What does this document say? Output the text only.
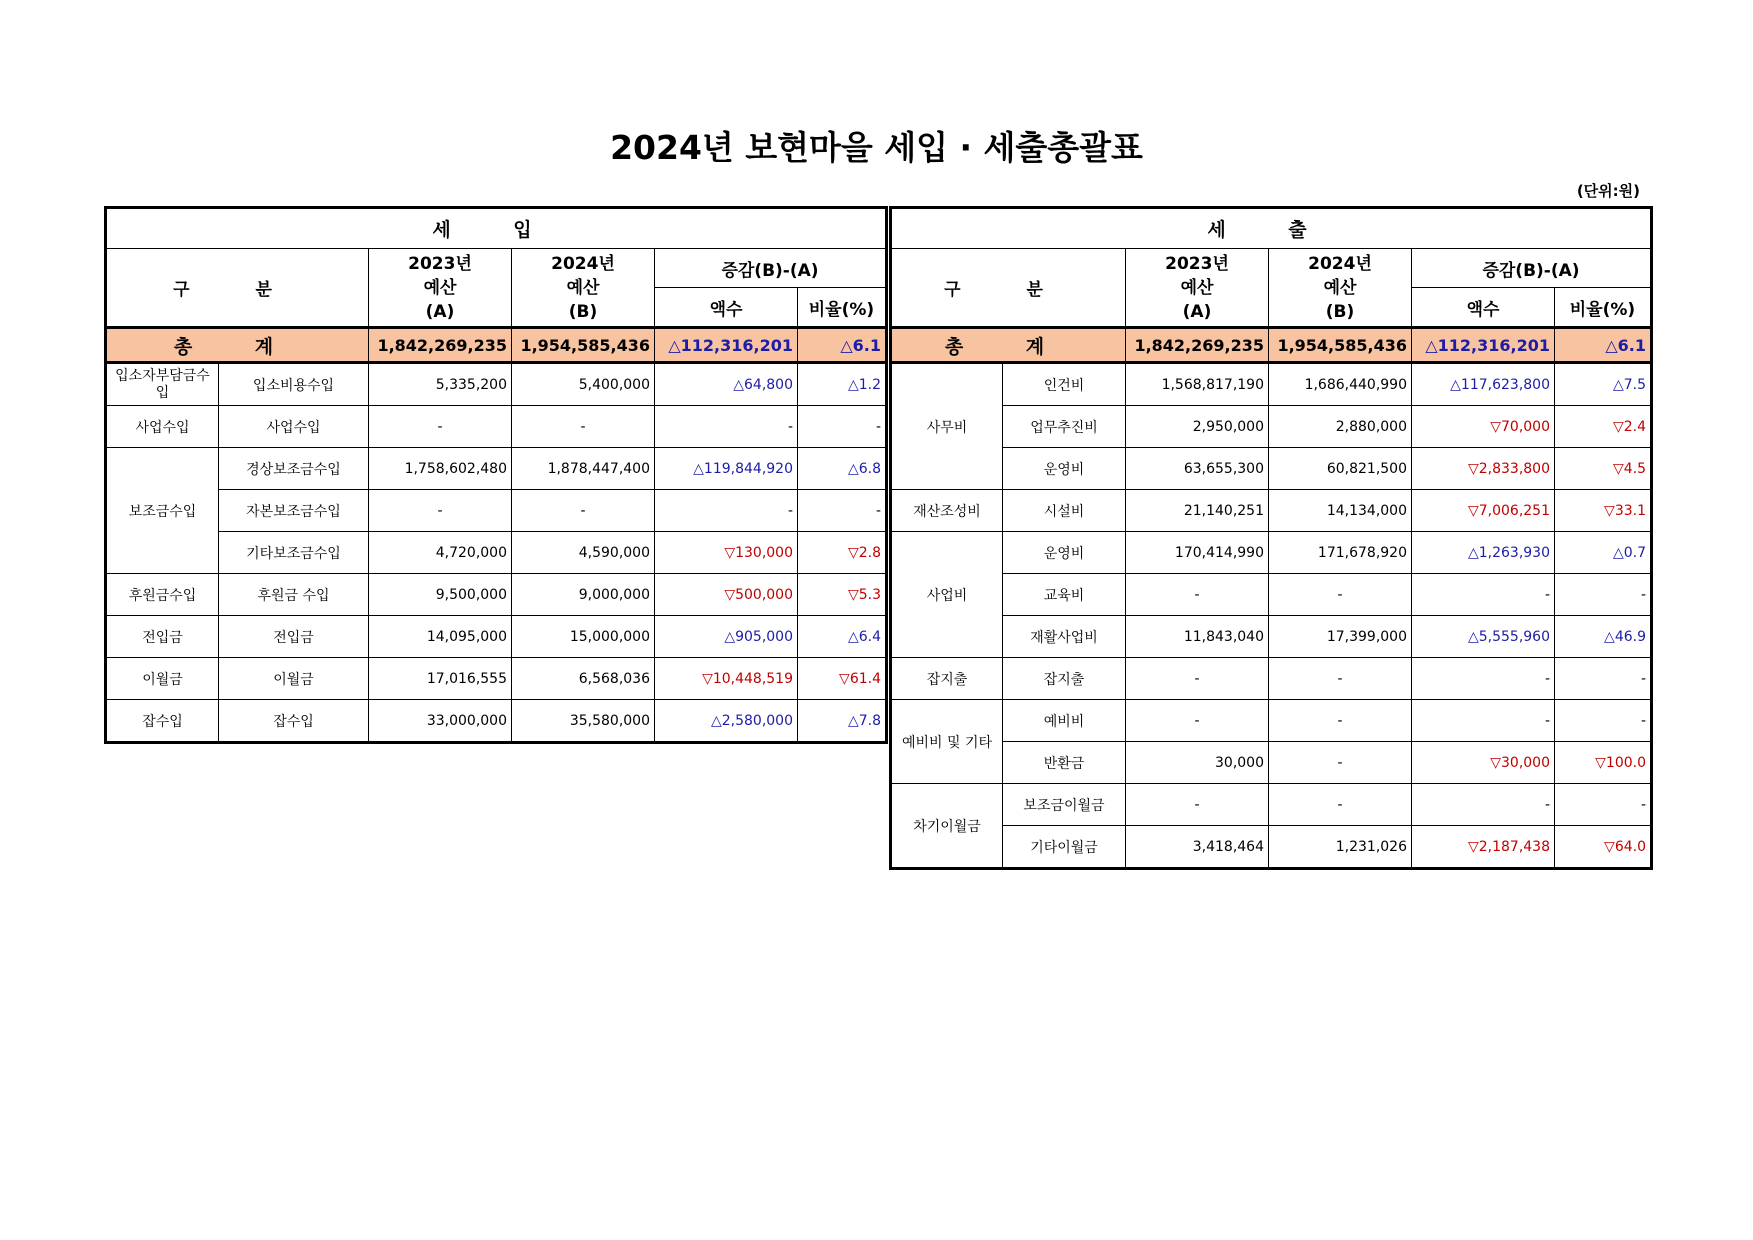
2024년 보현마을 세입 · 세출총괄표
(단위:원)
세 입					
구 분		2023년
예산
(A)	2024년
예산
(B)	증감(B)-(A)	
				액수	비율(%)
총 계		1,842,269,235	1,954,585,436	△112,316,201	△6.1
입소자부담금수입	입소비용수입	5,335,200	5,400,000	△64,800	△1.2
사업수입	사업수입	-	-	-	-
보조금수입	경상보조금수입	1,758,602,480	1,878,447,400	△119,844,920	△6.8
	자본보조금수입	-	-	-	-
	기타보조금수입	4,720,000	4,590,000	▽130,000	▽2.8
후원금수입	후원금 수입	9,500,000	9,000,000	▽500,000	▽5.3
전입금	전입금	14,095,000	15,000,000	△905,000	△6.4
이월금	이월금	17,016,555	6,568,036	▽10,448,519	▽61.4
잡수입	잡수입	33,000,000	35,580,000	△2,580,000	△7.8
세 출					
구 분		2023년
예산
(A)	2024년
예산
(B)	증감(B)-(A)	
				액수	비율(%)
총 계		1,842,269,235	1,954,585,436	△112,316,201	△6.1
사무비	인건비	1,568,817,190	1,686,440,990	△117,623,800	△7.5
	업무추진비	2,950,000	2,880,000	▽70,000	▽2.4
	운영비	63,655,300	60,821,500	▽2,833,800	▽4.5
재산조성비	시설비	21,140,251	14,134,000	▽7,006,251	▽33.1
사업비	운영비	170,414,990	171,678,920	△1,263,930	△0.7
	교육비	-	-	-	-
	재활사업비	11,843,040	17,399,000	△5,555,960	△46.9
잡지출	잡지출	-	-	-	-
예비비 및 기타	예비비	-	-	-	-
	반환금	30,000	-	▽30,000	▽100.0
차기이월금	보조금이월금	-	-	-	-
	기타이월금	3,418,464	1,231,026	▽2,187,438	▽64.0
